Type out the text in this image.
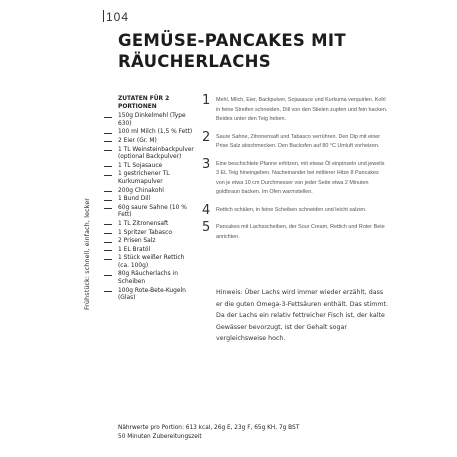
104
GEMÜSE-PANCAKES MIT RÄUCHERLACHS
Frühstück: schnell, einfach, lecker
ZUTATEN FÜR 2 PORTIONEN
150g Dinkelmehl (Type 630)
100 ml Milch (1,5 % Fett)
2 Eier (Gr. M)
1 TL Weinsteinbackpulver (optional Backpulver)
1 TL Sojasauce
1 gestrichener TL Kurkumapulver
200g Chinakohl
1 Bund Dill
60g saure Sahne (10 % Fett)
1 TL Zitronensaft
1 Spritzer Tabasco
2 Prisen Salz
1 EL Bratöl
1 Stück weißer Rettich (ca. 100g)
80g Räucherlachs in Scheiben
100g Rote-Bete-Kugeln (Glas)
1 Mehl, Milch, Eier, Backpulver, Sojasauce und Kurkuma verquirlen. Kohl in feine Streifen schneiden, Dill von den Stielen zupfen und fein hacken. Beides unter den Teig heben.
2 Saure Sahne, Zitronensaft und Tabasco verrühren. Den Dip mit einer Prise Salz abschmecken. Den Backofen auf 80 °C Umluft vorheizen.
3 Eine beschichtete Pfanne erhitzen, mit etwas Öl einpinseln und jeweils 3 EL Teig hineingeben. Nacheinander bei mittlerer Hitze 8 Pancakes von je etwa 10 cm Durchmesser von jeder Seite etwa 2 Minuten goldbraun backen. Im Ofen warmstellen.
4 Rettich schälen, in feine Scheiben schneiden und leicht salzen.
5 Pancakes mit Lachsscheiben, der Sour Cream, Rettich und Roter Bete anrichten.
Hinweis: Über Lachs wird immer wieder erzählt, dass er die guten Omega-3-Fettsäuren enthält. Das stimmt. Da der Lachs ein relativ fettreicher Fisch ist, der kalte Gewässer bevorzugt, ist der Gehalt sogar vergleichsweise hoch.
Nährwerte pro Portion: 613 kcal, 26g E, 23g F, 65g KH, 7g BST
50 Minuten Zubereitungszeit
